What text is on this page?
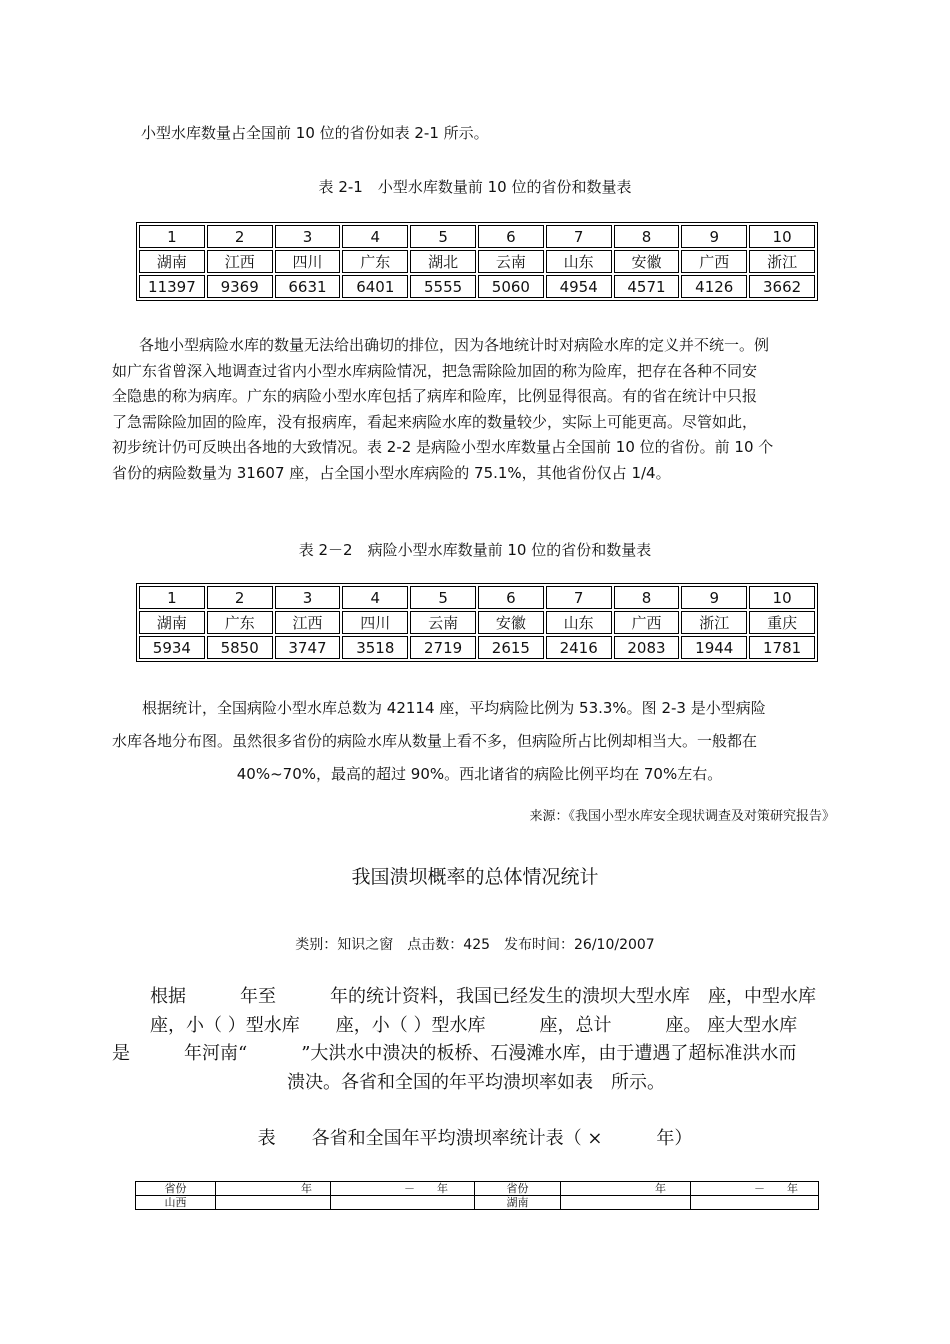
小型水库数量占全国前 10 位的省份如表 2-1 所示。
表 2-1　小型水库数量前 10 位的省份和数量表
1	2	3	4	5	6	7	8	9	10
湖南	江西	四川	广东	湖北	云南	山东	安徽	广西	浙江
11397	9369	6631	6401	5555	5060	4954	4571	4126	3662
各地小型病险水库的数量无法给出确切的排位，因为各地统计时对病险水库的定义并不统一。例
如广东省曾深入地调查过省内小型水库病险情况，把急需除险加固的称为险库，把存在各种不同安
全隐患的称为病库。广东的病险小型水库包括了病库和险库，比例显得很高。有的省在统计中只报
了急需除险加固的险库，没有报病库，看起来病险水库的数量较少，实际上可能更高。尽管如此，
初步统计仍可反映出各地的大致情况。表 2-2 是病险小型水库数量占全国前 10 位的省份。前 10 个
省份的病险数量为 31607 座，占全国小型水库病险的 75.1%，其他省份仅占 1/4。
表 2－2　病险小型水库数量前 10 位的省份和数量表
1	2	3	4	5	6	7	8	9	10
湖南	广东	江西	四川	云南	安徽	山东	广西	浙江	重庆
5934	5850	3747	3518	2719	2615	2416	2083	1944	1781
根据统计，全国病险小型水库总数为 42114 座，平均病险比例为 53.3%。图 2-3 是小型病险
水库各地分布图。虽然很多省份的病险水库从数量上看不多，但病险所占比例却相当大。一般都在
40%~70%，最高的超过 90%。西北诸省的病险比例平均在 70%左右。
来源：《我国小型水库安全现状调查及对策研究报告》
我国溃坝概率的总体情况统计
类别：知识之窗　点击数：425　发布时间：26/10/2007
根据　　　年至　　　年的统计资料，我国已经发生的溃坝大型水库　座，中型水库
座，小（ ）型水库　　座，小（ ）型水库　　　座，总计　　　座。 座大型水库
是　　　年河南“　　　”大洪水中溃决的板桥、石漫滩水库，由于遭遇了超标准洪水而
溃决。各省和全国的年平均溃坝率如表　所示。
表　　各省和全国年平均溃坝率统计表（ ×　　　年）
省份	年	－　　年	省份	年	－　　年
山西			湖南		
